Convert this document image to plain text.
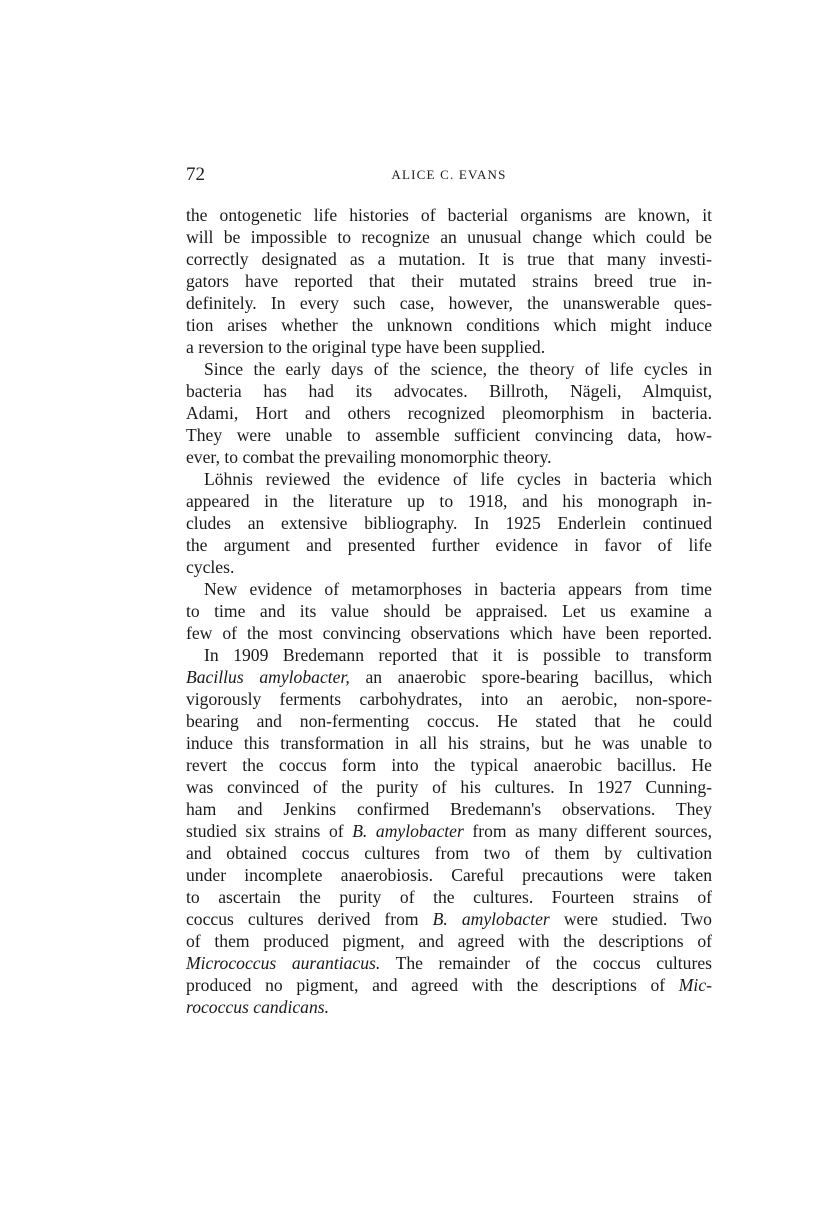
72	ALICE C. EVANS
the ontogenetic life histories of bacterial organisms are known, it
will be impossible to recognize an unusual change which could be
correctly designated as a mutation. It is true that many investi-
gators have reported that their mutated strains breed true in-
definitely. In every such case, however, the unanswerable ques-
tion arises whether the unknown conditions which might induce
a reversion to the original type have been supplied.
Since the early days of the science, the theory of life cycles in
bacteria has had its advocates. Billroth, Nägeli, Almquist,
Adami, Hort and others recognized pleomorphism in bacteria.
They were unable to assemble sufficient convincing data, how-
ever, to combat the prevailing monomorphic theory.
Löhnis reviewed the evidence of life cycles in bacteria which
appeared in the literature up to 1918, and his monograph in-
cludes an extensive bibliography. In 1925 Enderlein continued
the argument and presented further evidence in favor of life
cycles.
New evidence of metamorphoses in bacteria appears from time
to time and its value should be appraised. Let us examine a
few of the most convincing observations which have been reported.
In 1909 Bredemann reported that it is possible to transform
Bacillus amylobacter, an anaerobic spore-bearing bacillus, which
vigorously ferments carbohydrates, into an aerobic, non-spore-
bearing and non-fermenting coccus. He stated that he could
induce this transformation in all his strains, but he was unable to
revert the coccus form into the typical anaerobic bacillus. He
was convinced of the purity of his cultures. In 1927 Cunning-
ham and Jenkins confirmed Bredemann's observations. They
studied six strains of B. amylobacter from as many different sources,
and obtained coccus cultures from two of them by cultivation
under incomplete anaerobiosis. Careful precautions were taken
to ascertain the purity of the cultures. Fourteen strains of
coccus cultures derived from B. amylobacter were studied. Two
of them produced pigment, and agreed with the descriptions of
Micrococcus aurantiacus. The remainder of the coccus cultures
produced no pigment, and agreed with the descriptions of Mic-
rococcus candicans.
